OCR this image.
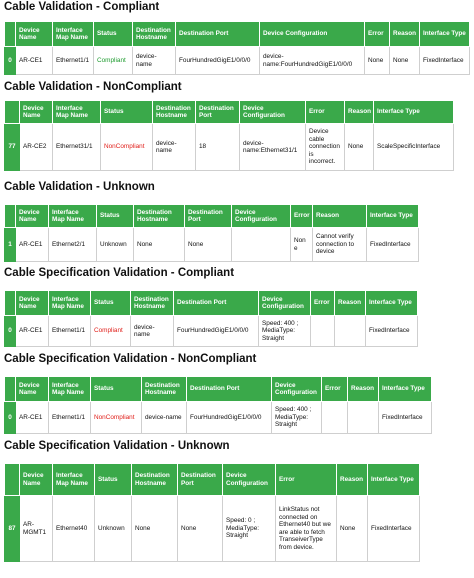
Cable Validation - Compliant
	Device Name	Interface Map Name	Status	Destination Hostname	Destination Port	Device Configuration	Error	Reason	Interface Type
0	AR-CE1	Ethernet1/1	Compliant	device-name	FourHundredGigE1/0/0/0	device-name:FourHundredGigE1/0/0/0	None	None	FixedInterface
Cable Validation - NonCompliant
	Device Name	Interface Map Name	Status	Destination Hostname	Destination Port	Device Configuration	Error	Reason	Interface Type
77	AR-CE2	Ethernet31/1	NonCompliant	device-name	18	device-name:Ethernet31/1	Device cable connection is incorrect.	None	ScaleSpecificInterface
Cable Validation - Unknown
	Device Name	Interface Map Name	Status	Destination Hostname	Destination Port	Device Configuration	Error	Reason	Interface Type
1	AR-CE1	Ethernet2/1	Unknown	None	None		None	Cannot verify connection to device	FixedInterface
Cable Specification Validation - Compliant
	Device Name	Interface Map Name	Status	Destination Hostname	Destination Port	Device Configuration	Error	Reason	Interface Type
0	AR-CE1	Ethernet1/1	Compliant	device-name	FourHundredGigE1/0/0/0	Speed: 400 ; MediaType: Straight			FixedInterface
Cable Specification Validation - NonCompliant
	Device Name	Interface Map Name	Status	Destination Hostname	Destination Port	Device Configuration	Error	Reason	Interface Type
0	AR-CE1	Ethernet1/1	NonCompliant	device-name	FourHundredGigE1/0/0/0	Speed: 400 ; MediaType: Straight			FixedInterface
Cable Specification Validation - Unknown
	Device Name	Interface Map Name	Status	Destination Hostname	Destination Port	Device Configuration	Error	Reason	Interface Type
87	AR-MGMT1	Ethernet40	Unknown	None	None	Speed: 0 ; MediaType: Straight	LinkStatus not connected on Ethernet40 but we are able to fetch TranseiverType from device.	None	FixedInterface
